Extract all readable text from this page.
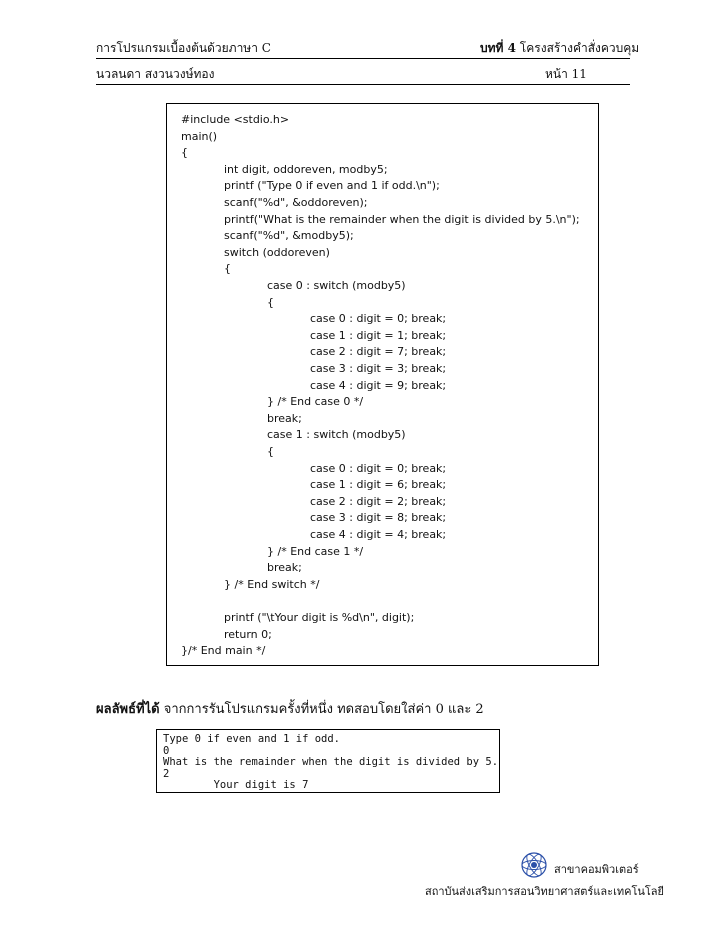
การโปรแกรมเบื้องต้นด้วยภาษา C
นวลนดา สงวนวงษ์ทอง
บทที่ 4 โครงสร้างคำสั่งควบคุม
หน้า 11
#include <stdio.h>
main()
{
int digit, oddoreven, modby5;
printf ("Type 0 if even and 1 if odd.\n");
scanf("%d", &oddoreven);
printf("What is the remainder when the digit is divided by 5.\n");
scanf("%d", &modby5);
switch (oddoreven)
{
case 0 : switch (modby5)
{
case 0 : digit = 0; break;
case 1 : digit = 1; break;
case 2 : digit = 7; break;
case 3 : digit = 3; break;
case 4 : digit = 9; break;
} /* End case 0 */
break;
case 1 : switch (modby5)
{
case 0 : digit = 0; break;
case 1 : digit = 6; break;
case 2 : digit = 2; break;
case 3 : digit = 8; break;
case 4 : digit = 4; break;
} /* End case 1 */
break;
} /* End switch */
printf ("\tYour digit is %d\n", digit);
return 0;
}/* End main */
ผลลัพธ์ที่ได้ จากการรันโปรแกรมครั้งที่หนึ่ง ทดสอบโดยใส่ค่า 0 และ 2
Type 0 if even and 1 if odd.
0
What is the remainder when the digit is divided by 5.
2
Your digit is 7
สาขาคอมพิวเตอร์
สถาบันส่งเสริมการสอนวิทยาศาสตร์และเทคโนโลยี
